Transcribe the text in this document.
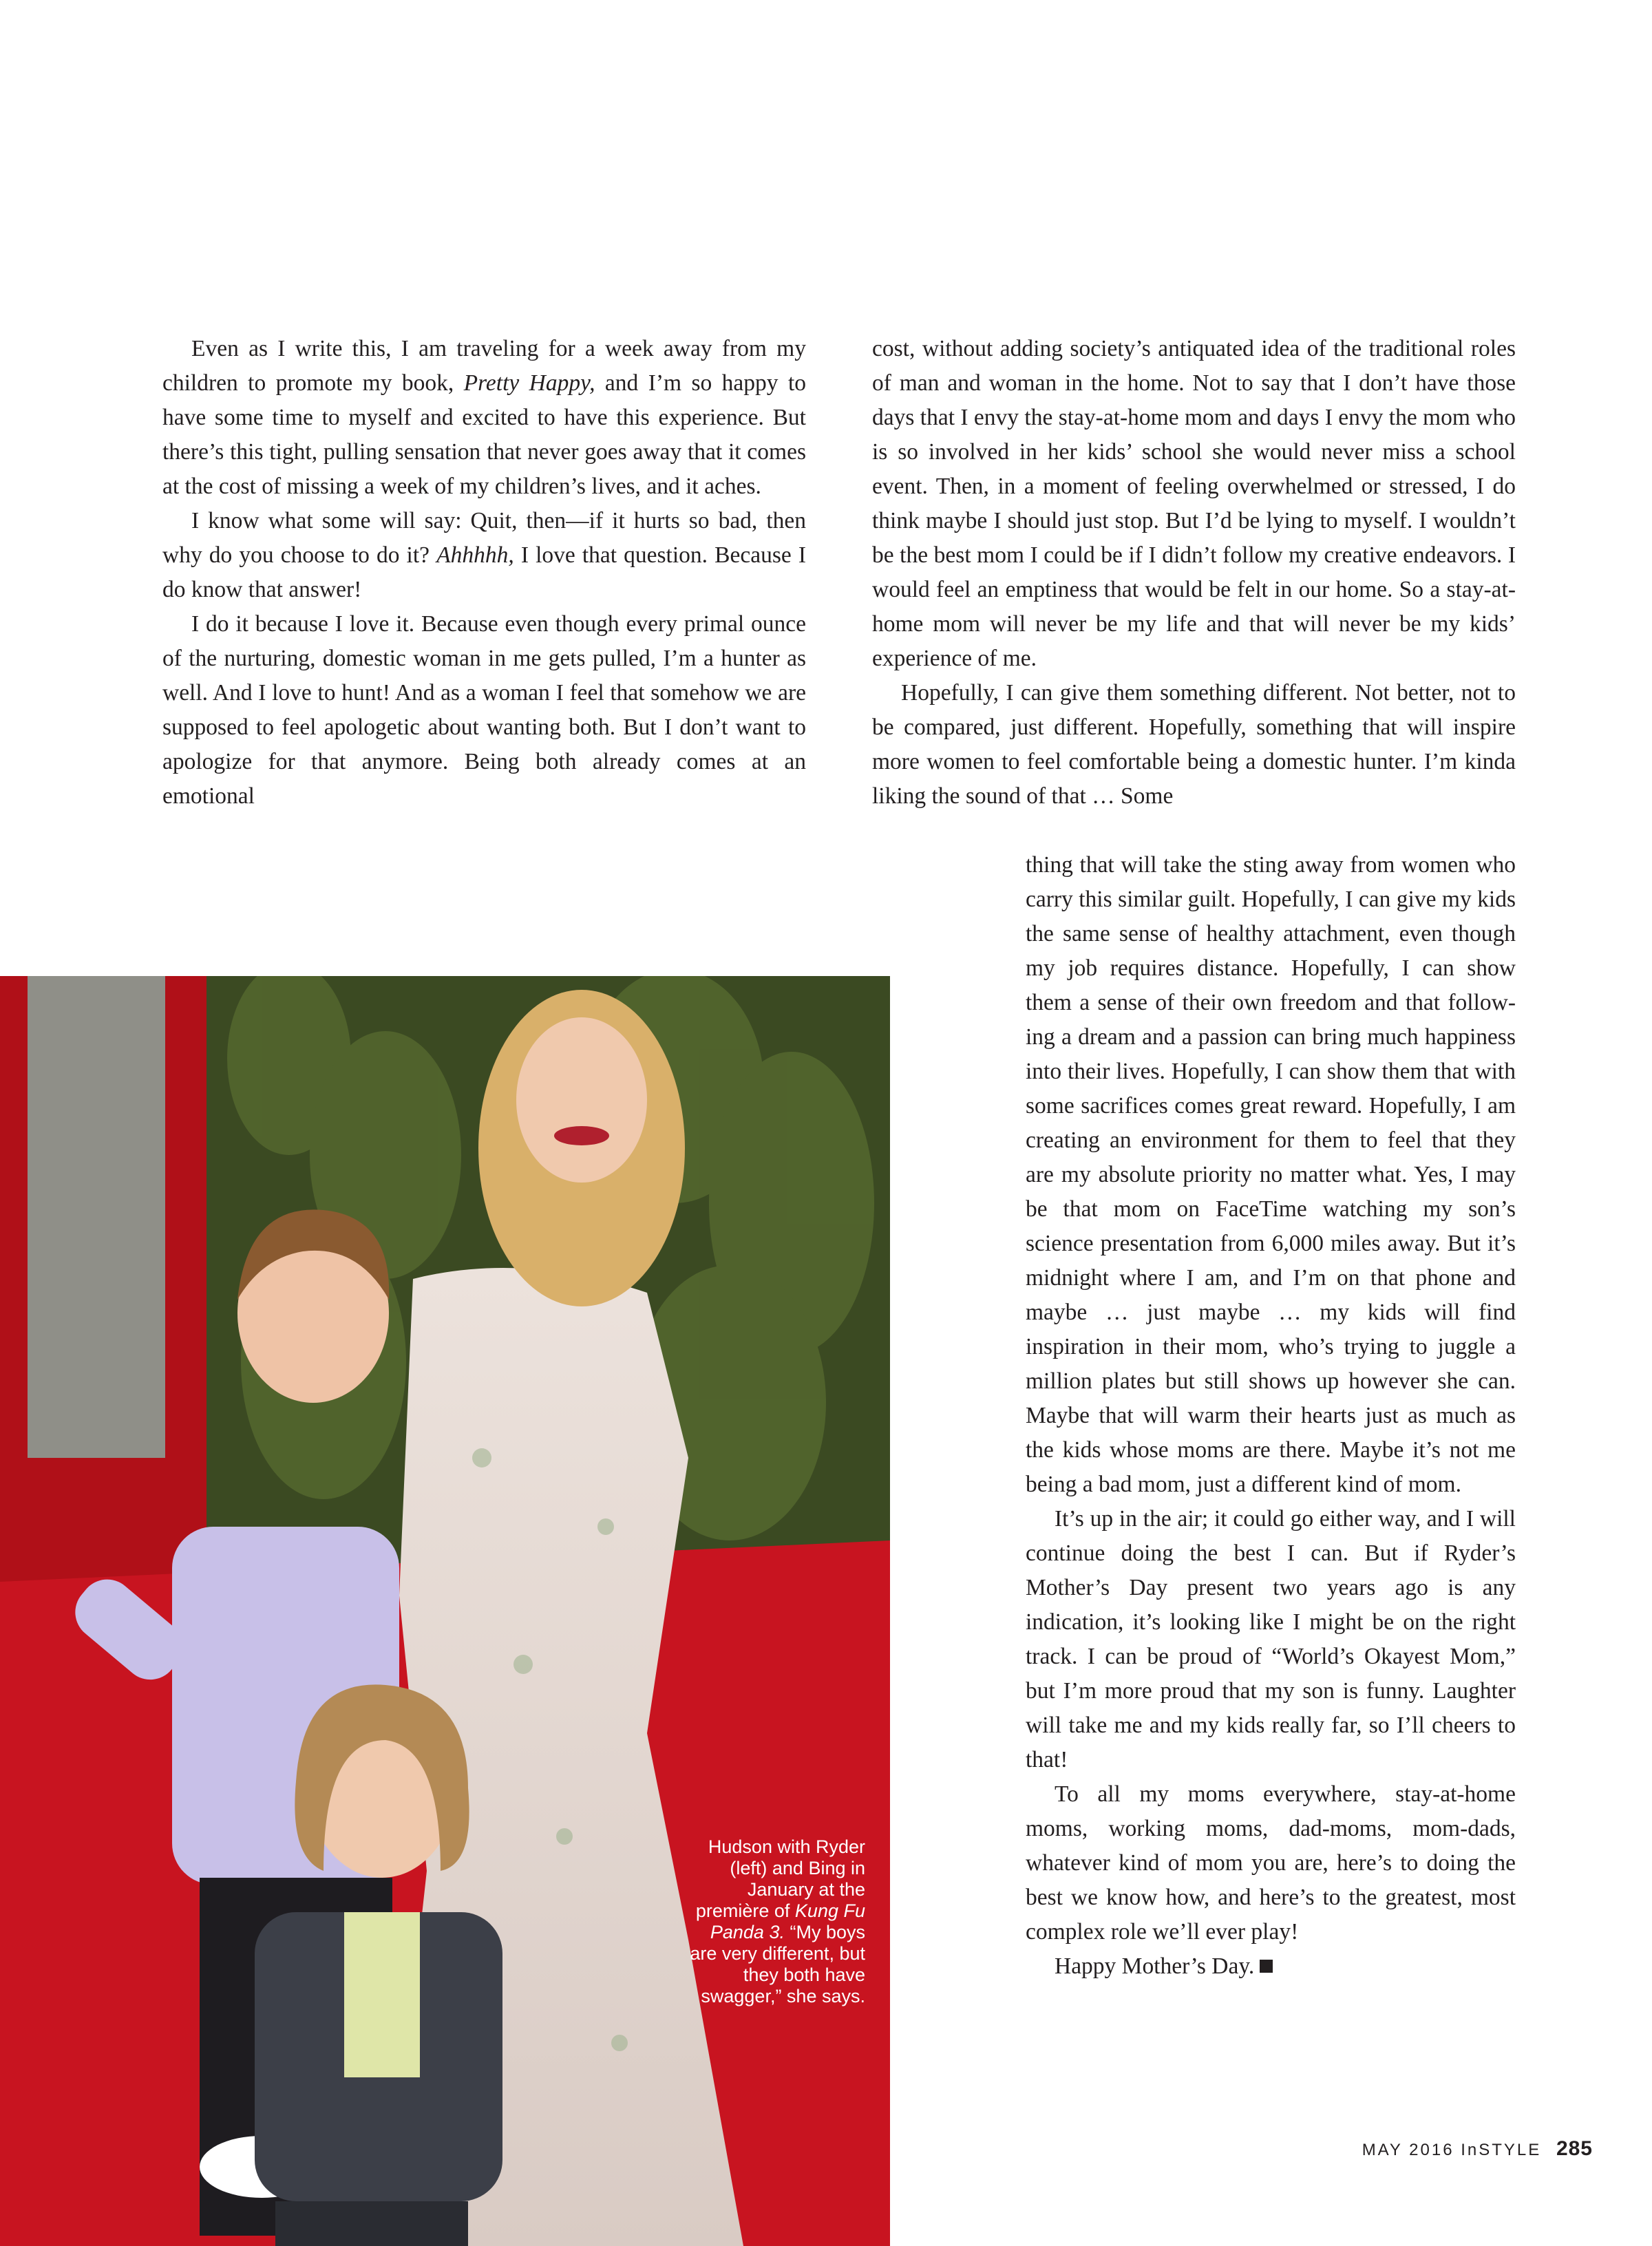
Even as I write this, I am traveling for a week away from my children to promote my book, Pretty Happy, and I’m so happy to have some time to myself and excited to have this experience. But there’s this tight, pulling sensation that never goes away that it comes at the cost of missing a week of my children’s lives, and it aches.

I know what some will say: Quit, then—if it hurts so bad, then why do you choose to do it? Ahhhhh, I love that question. Because I do know that answer!

I do it because I love it. Because even though every primal ounce of the nurturing, domestic woman in me gets pulled, I’m a hunter as well. And I love to hunt! And as a woman I feel that somehow we are supposed to feel apologetic about wanting both. But I don’t want to apologize for that anymore. Being both already comes at an emotional

cost, without adding society’s antiquated idea of the traditional roles of man and woman in the home. Not to say that I don’t have those days that I envy the stay-at-home mom and days I envy the mom who is so involved in her kids’ school she would never miss a school event. Then, in a moment of feeling overwhelmed or stressed, I do think maybe I should just stop. But I’d be lying to myself. I wouldn’t be the best mom I could be if I didn’t follow my creative endeavors. I would feel an emptiness that would be felt in our home. So a stay-at-home mom will never be my life and that will never be my kids’ experience of me.

Hopefully, I can give them something different. Not better, not to be compared, just different. Hopefully, something that will inspire more women to feel comfortable being a domestic hunter. I’m kinda liking the sound of that … Some

thing that will take the sting away from women who carry this similar guilt. Hopefully, I can give my kids the same sense of healthy attachment, even though my job requires distance. Hopefully, I can show them a sense of their own freedom and that following a dream and a passion can bring much happiness into their lives. Hopefully, I can show them that with some sacrifices comes great reward. Hopefully, I am creating an environment for them to feel that they are my absolute priority no matter what. Yes, I may be that mom on FaceTime watching my son’s science presentation from 6,000 miles away. But it’s midnight where I am, and I’m on that phone and maybe … just maybe … my kids will find inspiration in their mom, who’s trying to juggle a million plates but still shows up however she can. Maybe that will warm their hearts just as much as the kids whose moms are there. Maybe it’s not me being a bad mom, just a different kind of mom.

It’s up in the air; it could go either way, and I will continue doing the best I can. But if Ryder’s Mother’s Day present two years ago is any indication, it’s looking like I might be on the right track. I can be proud of “World’s Okayest Mom,” but I’m more proud that my son is funny. Laughter will take me and my kids really far, so I’ll cheers to that!

To all my moms everywhere, stay-at-home moms, working moms, dad-moms, mom-dads, whatever kind of mom you are, here’s to doing the best we know how, and here’s to the greatest, most complex role we’ll ever play!

Happy Mother’s Day.

Hudson with Ryder (left) and Bing in January at the première of Kung Fu Panda 3. “My boys are very different, but they both have swagger,” she says.
MAY 2016 InSTYLE 285
